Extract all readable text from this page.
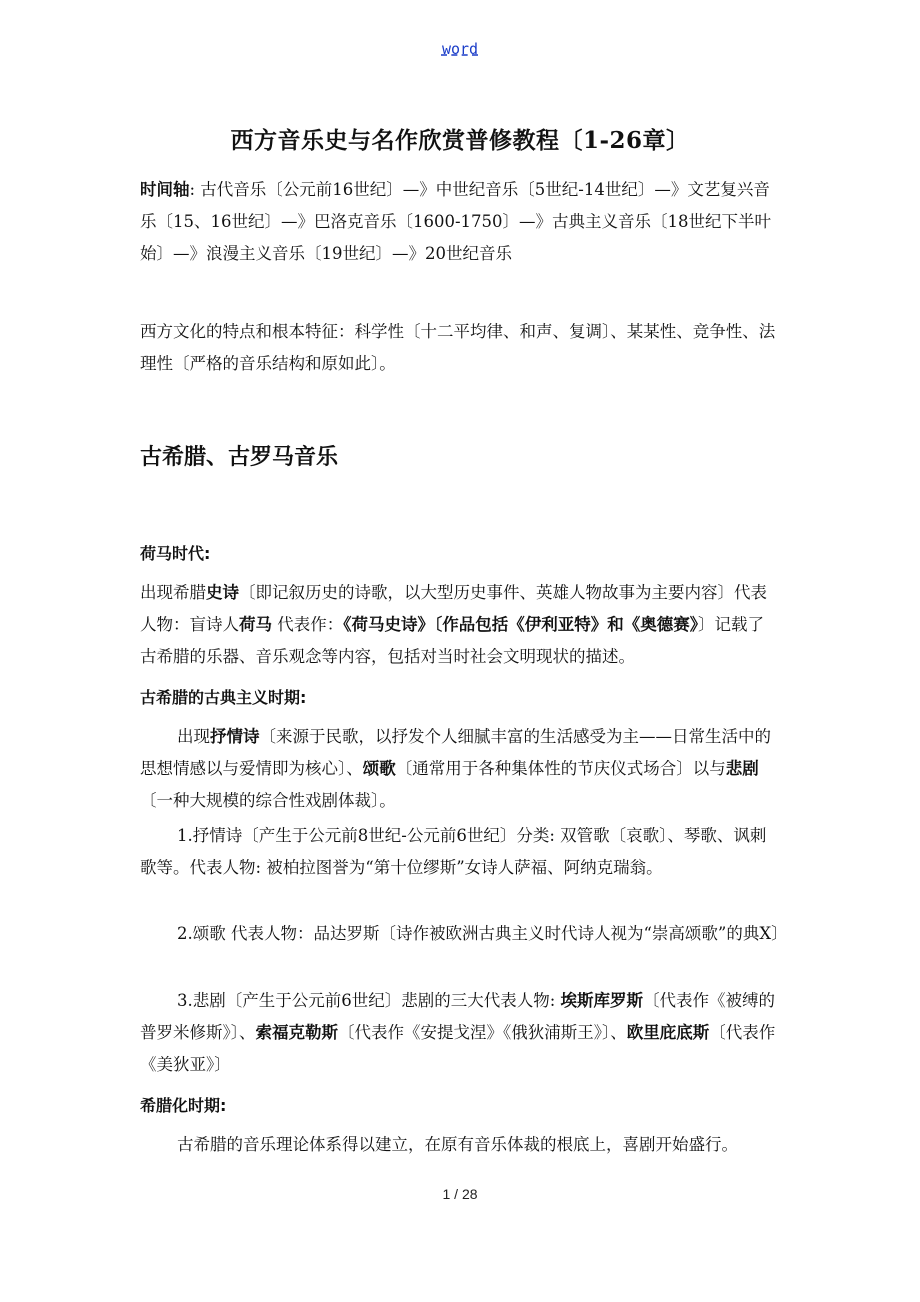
word
西方音乐史与名作欣赏普修教程〔1-26章〕
时间轴: 古代音乐〔公元前16世纪〕—》中世纪音乐〔5世纪-14世纪〕—》文艺复兴音乐〔15、16世纪〕—》巴洛克音乐〔1600-1750〕—》古典主义音乐〔18世纪下半叶始〕—》浪漫主义音乐〔19世纪〕—》20世纪音乐
西方文化的特点和根本特征：科学性〔十二平均律、和声、复调〕、某某性、竞争性、法理性〔严格的音乐结构和原如此〕。
古希腊、古罗马音乐
荷马时代:
出现希腊史诗〔即记叙历史的诗歌，以大型历史事件、英雄人物故事为主要内容〕代表人物：盲诗人荷马 代表作：《荷马史诗》〔作品包括《伊利亚特》和《奥德赛》〕记载了古希腊的乐器、音乐观念等内容，包括对当时社会文明现状的描述。
古希腊的古典主义时期:
出现抒情诗〔来源于民歌，以抒发个人细腻丰富的生活感受为主——日常生活中的思想情感以与爱情即为核心〕、颂歌〔通常用于各种集体性的节庆仪式场合〕以与悲剧〔一种大规模的综合性戏剧体裁〕。
1.抒情诗〔产生于公元前8世纪-公元前6世纪〕分类: 双管歌〔哀歌〕、琴歌、讽刺歌等。代表人物: 被柏拉图誉为“第十位缪斯”女诗人萨福、阿纳克瑞翁。
2.颂歌 代表人物：品达罗斯〔诗作被欧洲古典主义时代诗人视为“崇高颂歌”的典X〕
3.悲剧〔产生于公元前6世纪〕悲剧的三大代表人物: 埃斯库罗斯〔代表作《被缚的普罗米修斯》〕、索福克勒斯〔代表作《安提戈涅》《俄狄浦斯王》〕、欧里庇底斯〔代表作《美狄亚》〕
希腊化时期:
古希腊的音乐理论体系得以建立，在原有音乐体裁的根底上，喜剧开始盛行。
1 / 28
